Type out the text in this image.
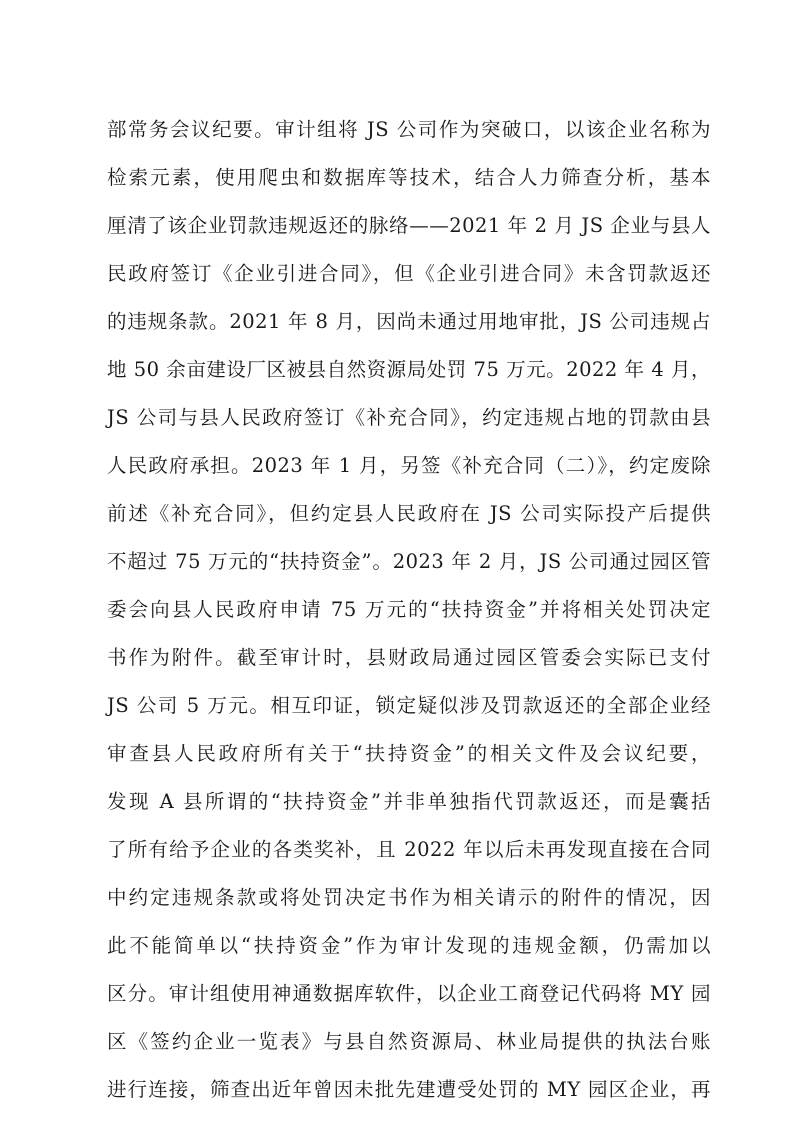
部常务会议纪要。审计组将 JS 公司作为突破口，以该企业名称为
检索元素，使用爬虫和数据库等技术，结合人力筛查分析，基本
厘清了该企业罚款违规返还的脉络——2021 年 2 月 JS 企业与县人
民政府签订《企业引进合同》，但《企业引进合同》未含罚款返还
的违规条款。2021 年 8 月，因尚未通过用地审批，JS 公司违规占
地 50 余亩建设厂区被县自然资源局处罚 75 万元。2022 年 4 月，
JS 公司与县人民政府签订《补充合同》，约定违规占地的罚款由县
人民政府承担。2023 年 1 月，另签《补充合同（二）》，约定废除
前述《补充合同》，但约定县人民政府在 JS 公司实际投产后提供
不超过 75 万元的“扶持资金”。2023 年 2 月，JS 公司通过园区管
委会向县人民政府申请 75 万元的“扶持资金”并将相关处罚决定
书作为附件。截至审计时，县财政局通过园区管委会实际已支付
JS 公司 5 万元。相互印证，锁定疑似涉及罚款返还的全部企业经
审查县人民政府所有关于“扶持资金”的相关文件及会议纪要，
发现 A 县所谓的“扶持资金”并非单独指代罚款返还，而是囊括
了所有给予企业的各类奖补，且 2022 年以后未再发现直接在合同
中约定违规条款或将处罚决定书作为相关请示的附件的情况，因
此不能简单以“扶持资金”作为审计发现的违规金额，仍需加以
区分。审计组使用神通数据库软件，以企业工商登记代码将 MY 园
区《签约企业一览表》与县自然资源局、林业局提供的执法台账
进行连接，筛查出近年曾因未批先建遭受处罚的 MY 园区企业，再
